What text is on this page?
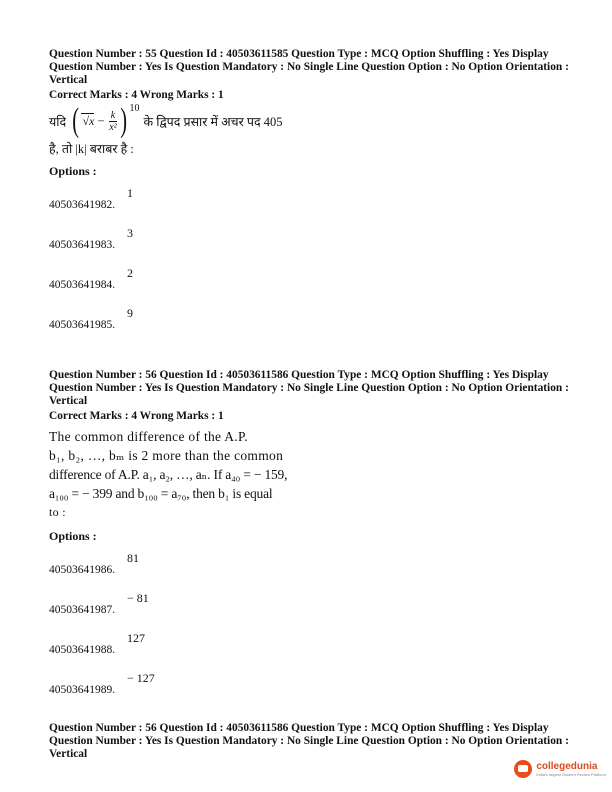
Question Number : 55 Question Id : 40503611585 Question Type : MCQ Option Shuffling : Yes Display Question Number : Yes Is Question Mandatory : No Single Line Question Option : No Option Orientation : Vertical

Correct Marks : 4 Wrong Marks : 1

यदि ( $√x - \frac{k}{\text{x²}}$ ) 10
के द्विपद प्रसार में अचर पद 405
है, तो |k| बराबर है :
Options :
40503641982.
1
40503641983.
3
40503641984.
2
40503641985.
9

Question Number : 56 Question Id : 40503611586 Question Type : MCQ Option Shuffling : Yes Display Question Number : Yes Is Question Mandatory : No Single Line Question Option : No Option Orientation : Vertical

Correct Marks : 4 Wrong Marks : 1

The common difference of the A.P.
b₁, b₂, …, bₘ is 2 more than the common
difference of A.P. a₁, a₂, …, aₙ. If a₄₀ = − 159,
a₁₀₀ = − 399 and b₁₀₀ = a₇₀, then b₁ is equal
to :
Options :
40503641986.
81
40503641987.
− 81
40503641988.
127
40503641989.
− 127

Question Number : 56 Question Id : 40503611586 Question Type : MCQ Option Shuffling : Yes Display Question Number : Yes Is Question Mandatory : No Single Line Question Option : No Option Orientation : Vertical

collegedunia
India's largest Student Review Platform
